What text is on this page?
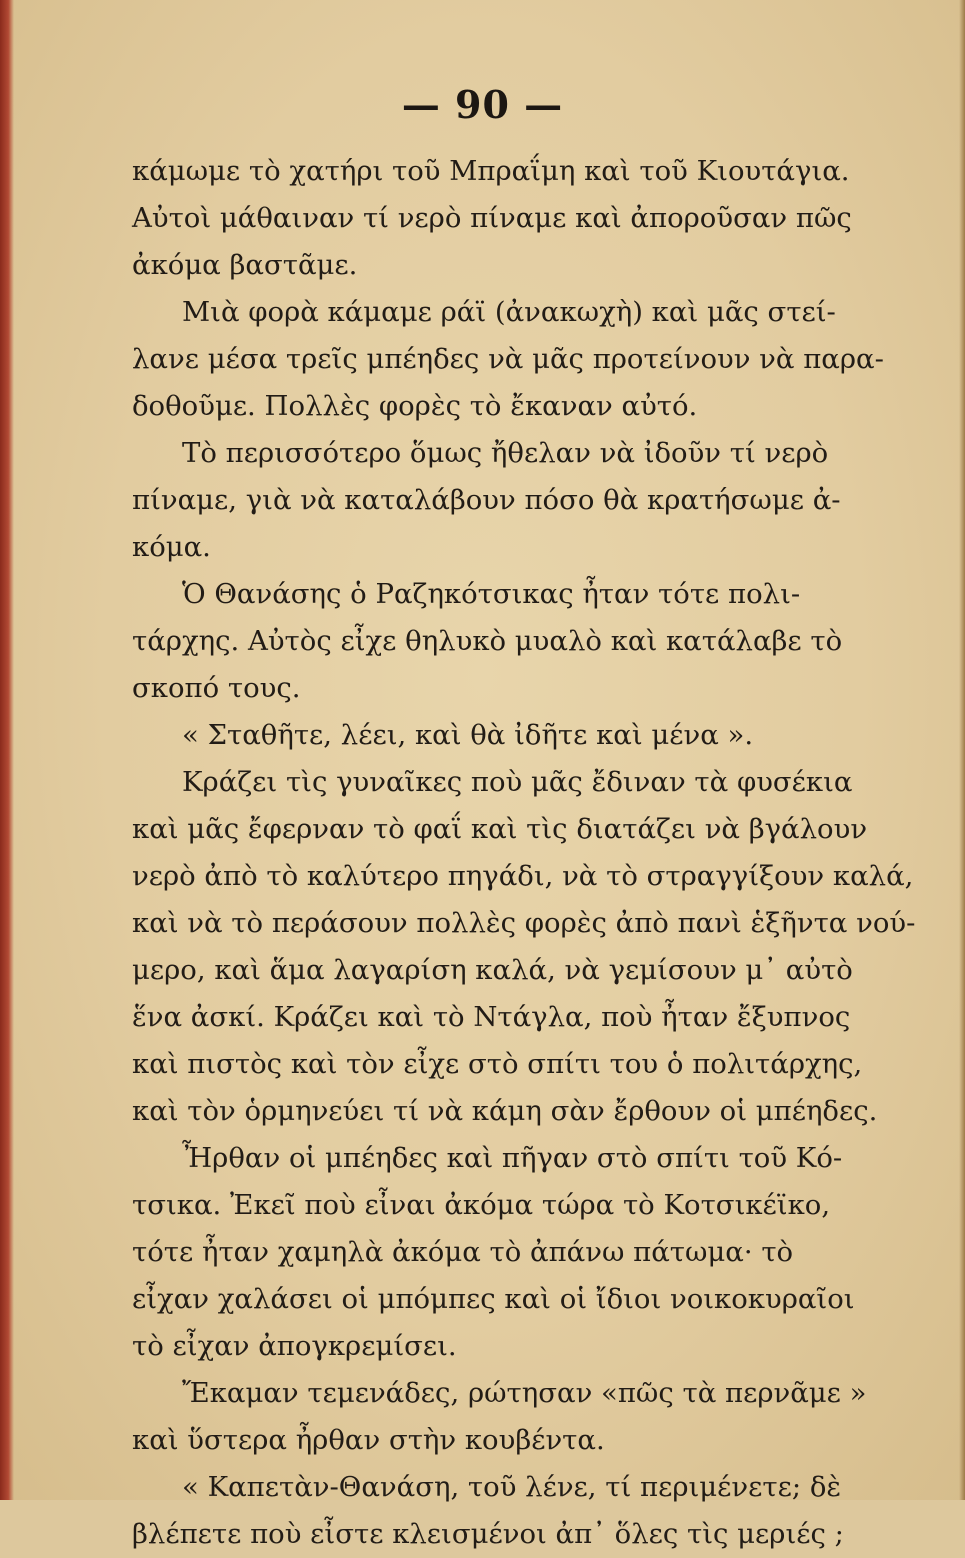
— 90 —
κάμωμε τὸ χατήρι τοῦ Μπραΐμη καὶ τοῦ Κιουτάγια.
Αὐτοὶ μάθαιναν τί νερὸ πίναμε καὶ ἀποροῦσαν πῶς
ἀκόμα βαστᾶμε.
Μιὰ φορὰ κάμαμε ράϊ (ἀνακωχὴ) καὶ μᾶς στεί-
λανε μέσα τρεῖς μπέηδες νὰ μᾶς προτείνουν νὰ παρα-
δοθοῦμε. Πολλὲς φορὲς τὸ ἔκαναν αὐτό.
Τὸ περισσότερο ὅμως ἤθελαν νὰ ἰδοῦν τί νερὸ
πίναμε, γιὰ νὰ καταλάβουν πόσο θὰ κρατήσωμε ἀ-
κόμα.
Ὁ Θανάσης ὁ Ραζηκότσικας ἦταν τότε πολι-
τάρχης. Αὐτὸς εἶχε θηλυκὸ μυαλὸ καὶ κατάλαβε τὸ
σκοπό τους.
« Σταθῆτε, λέει, καὶ θὰ ἰδῆτε καὶ μένα ».
Κράζει τὶς γυναῖκες ποὺ μᾶς ἔδιναν τὰ φυσέκια
καὶ μᾶς ἔφερναν τὸ φαΐ καὶ τὶς διατάζει νὰ βγάλουν
νερὸ ἀπὸ τὸ καλύτερο πηγάδι, νὰ τὸ στραγγίξουν καλά,
καὶ νὰ τὸ περάσουν πολλὲς φορὲς ἀπὸ πανὶ ἑξῆντα νού-
μερο, καὶ ἅμα λαγαρίση καλά, νὰ γεμίσουν μ᾽ αὐτὸ
ἕνα ἀσκί. Κράζει καὶ τὸ Ντάγλα, ποὺ ἦταν ἔξυπνος
καὶ πιστὸς καὶ τὸν εἶχε στὸ σπίτι του ὁ πολιτάρχης,
καὶ τὸν ὁρμηνεύει τί νὰ κάμη σὰν ἔρθουν οἱ μπέηδες.
Ἦρθαν οἱ μπέηδες καὶ πῆγαν στὸ σπίτι τοῦ Κό-
τσικα. Ἐκεῖ ποὺ εἶναι ἀκόμα τώρα τὸ Κοτσικέϊκο,
τότε ἦταν χαμηλὰ ἀκόμα τὸ ἀπάνω πάτωμα· τὸ
εἶχαν χαλάσει οἱ μπόμπες καὶ οἱ ἴδιοι νοικοκυραῖοι
τὸ εἶχαν ἀπογκρεμίσει.
Ἔκαμαν τεμενάδες, ρώτησαν «πῶς τὰ περνᾶμε »
καὶ ὕστερα ἦρθαν στὴν κουβέντα.
« Καπετὰν-Θανάση, τοῦ λένε, τί περιμένετε; δὲ
βλέπετε ποὺ εἶστε κλεισμένοι ἀπ᾽ ὅλες τὶς μεριές ;
